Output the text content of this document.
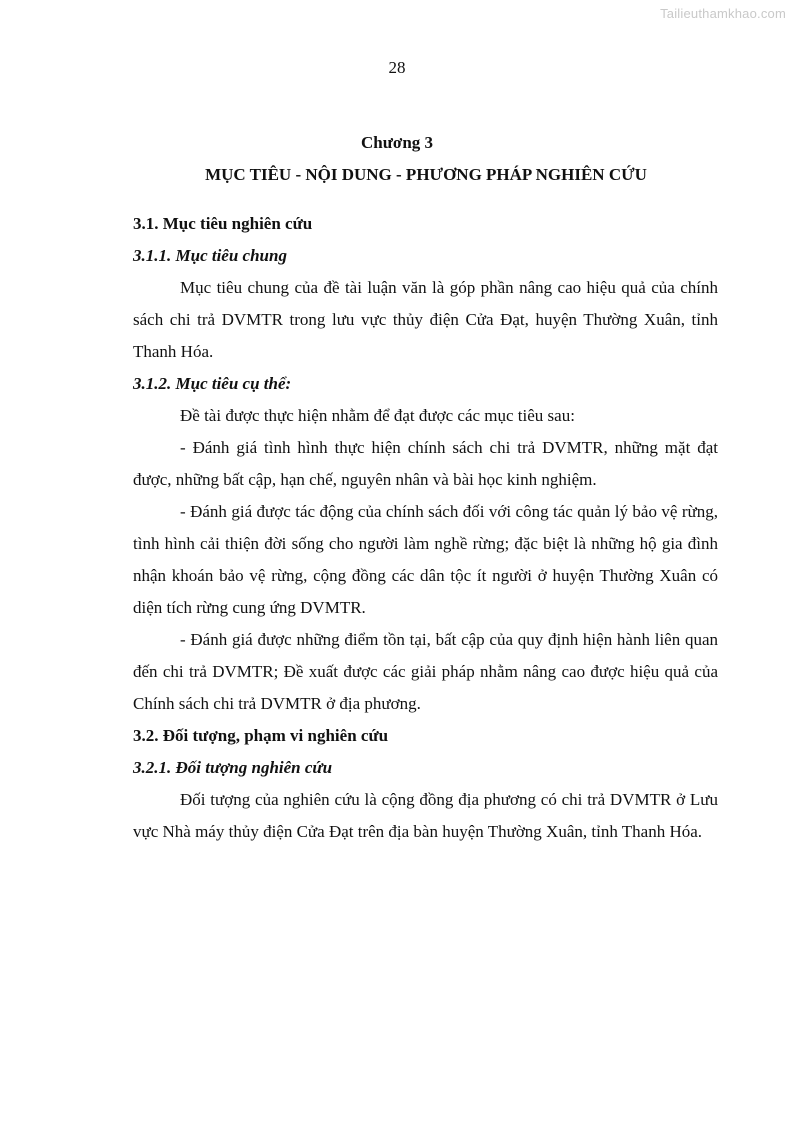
Tailieuthamkhao.com
28
Chương 3
MỤC TIÊU - NỘI DUNG - PHƯƠNG PHÁP NGHIÊN CỨU

3.1. Mục tiêu nghiên cứu

3.1.1. Mục tiêu chung

Mục tiêu chung của đề tài luận văn là góp phần nâng cao hiệu quả của chính sách chi trả DVMTR trong lưu vực thủy điện Cửa Đạt, huyện Thường Xuân, tỉnh Thanh Hóa.

3.1.2. Mục tiêu cụ thể:

Đề tài được thực hiện nhằm để đạt được các mục tiêu sau:

- Đánh giá tình hình thực hiện chính sách chi trả DVMTR, những mặt đạt được, những bất cập, hạn chế, nguyên nhân và bài học kinh nghiệm.

- Đánh giá được tác động của chính sách đối với công tác quản lý bảo vệ rừng, tình hình cải thiện đời sống cho người làm nghề rừng; đặc biệt là những hộ gia đình nhận khoán bảo vệ rừng, cộng đồng các dân tộc ít người ở huyện Thường Xuân có diện tích rừng cung ứng DVMTR.

- Đánh giá được những điểm tồn tại, bất cập của quy định hiện hành liên quan đến chi trả DVMTR; Đề xuất được các giải pháp nhằm nâng cao được hiệu quả của Chính sách chi trả DVMTR ở địa phương.

3.2. Đối tượng, phạm vi nghiên cứu

3.2.1. Đối tượng nghiên cứu

Đối tượng của nghiên cứu là cộng đồng địa phương có chi trả DVMTR ở Lưu vực Nhà máy thủy điện Cửa Đạt trên địa bàn huyện Thường Xuân, tỉnh Thanh Hóa.
